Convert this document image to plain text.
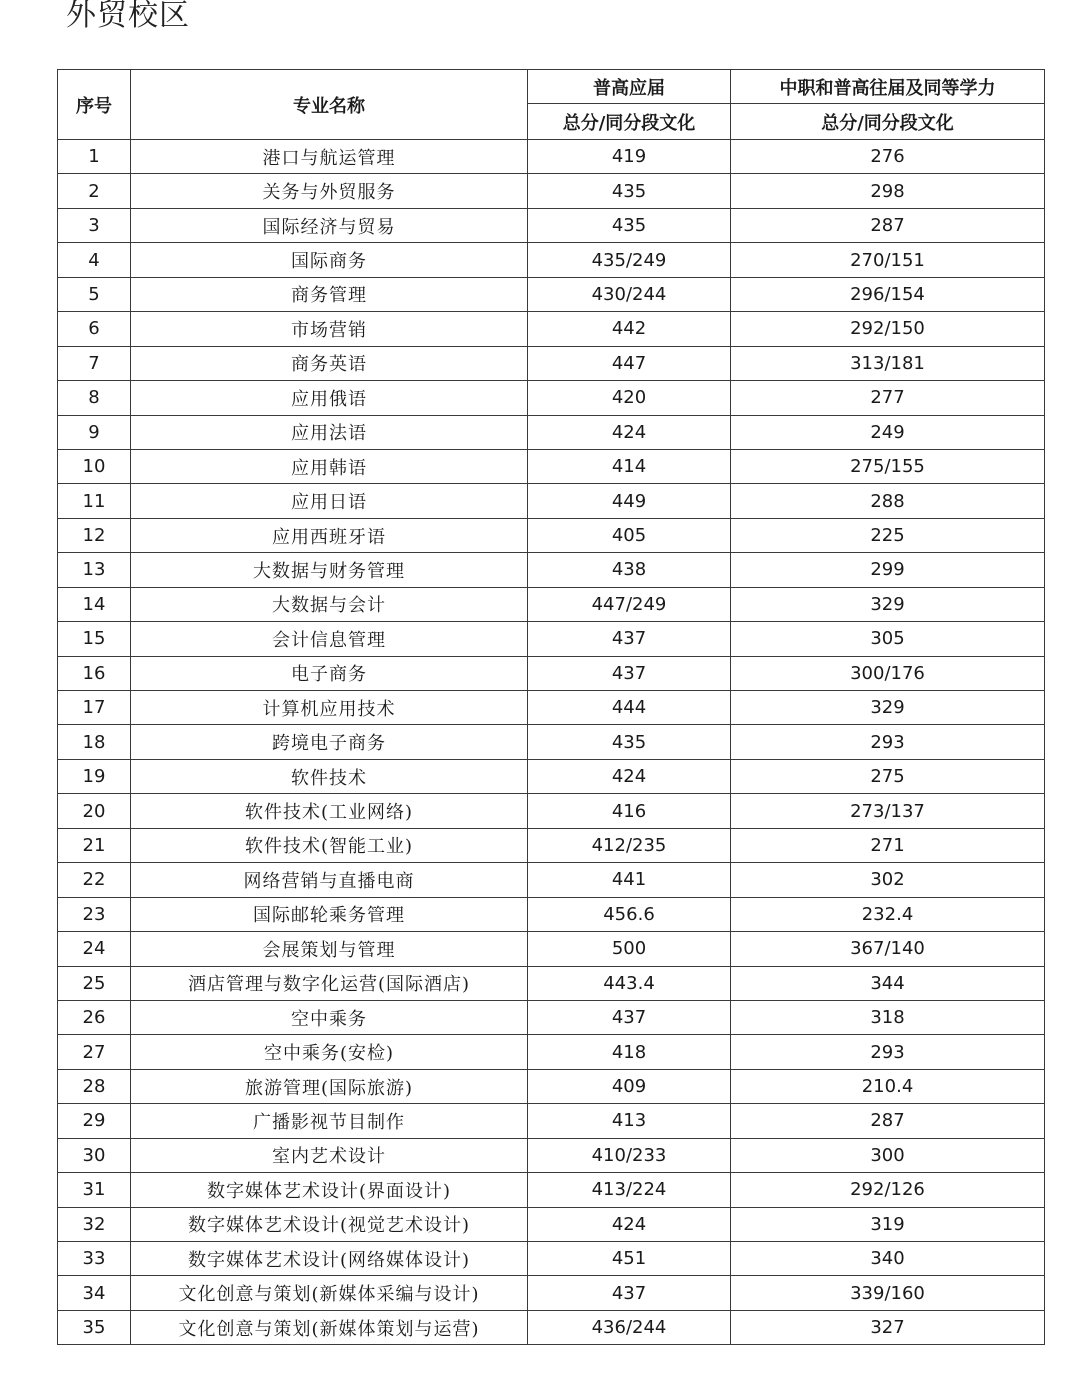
外贸校区
序号	专业名称	普高应届	中职和普高往届及同等学力
		总分/同分段文化	总分/同分段文化
1	港口与航运管理	419	276
2	关务与外贸服务	435	298
3	国际经济与贸易	435	287
4	国际商务	435/249	270/151
5	商务管理	430/244	296/154
6	市场营销	442	292/150
7	商务英语	447	313/181
8	应用俄语	420	277
9	应用法语	424	249
10	应用韩语	414	275/155
11	应用日语	449	288
12	应用西班牙语	405	225
13	大数据与财务管理	438	299
14	大数据与会计	447/249	329
15	会计信息管理	437	305
16	电子商务	437	300/176
17	计算机应用技术	444	329
18	跨境电子商务	435	293
19	软件技术	424	275
20	软件技术(工业网络)	416	273/137
21	软件技术(智能工业)	412/235	271
22	网络营销与直播电商	441	302
23	国际邮轮乘务管理	456.6	232.4
24	会展策划与管理	500	367/140
25	酒店管理与数字化运营(国际酒店)	443.4	344
26	空中乘务	437	318
27	空中乘务(安检)	418	293
28	旅游管理(国际旅游)	409	210.4
29	广播影视节目制作	413	287
30	室内艺术设计	410/233	300
31	数字媒体艺术设计(界面设计)	413/224	292/126
32	数字媒体艺术设计(视觉艺术设计)	424	319
33	数字媒体艺术设计(网络媒体设计)	451	340
34	文化创意与策划(新媒体采编与设计)	437	339/160
35	文化创意与策划(新媒体策划与运营)	436/244	327
